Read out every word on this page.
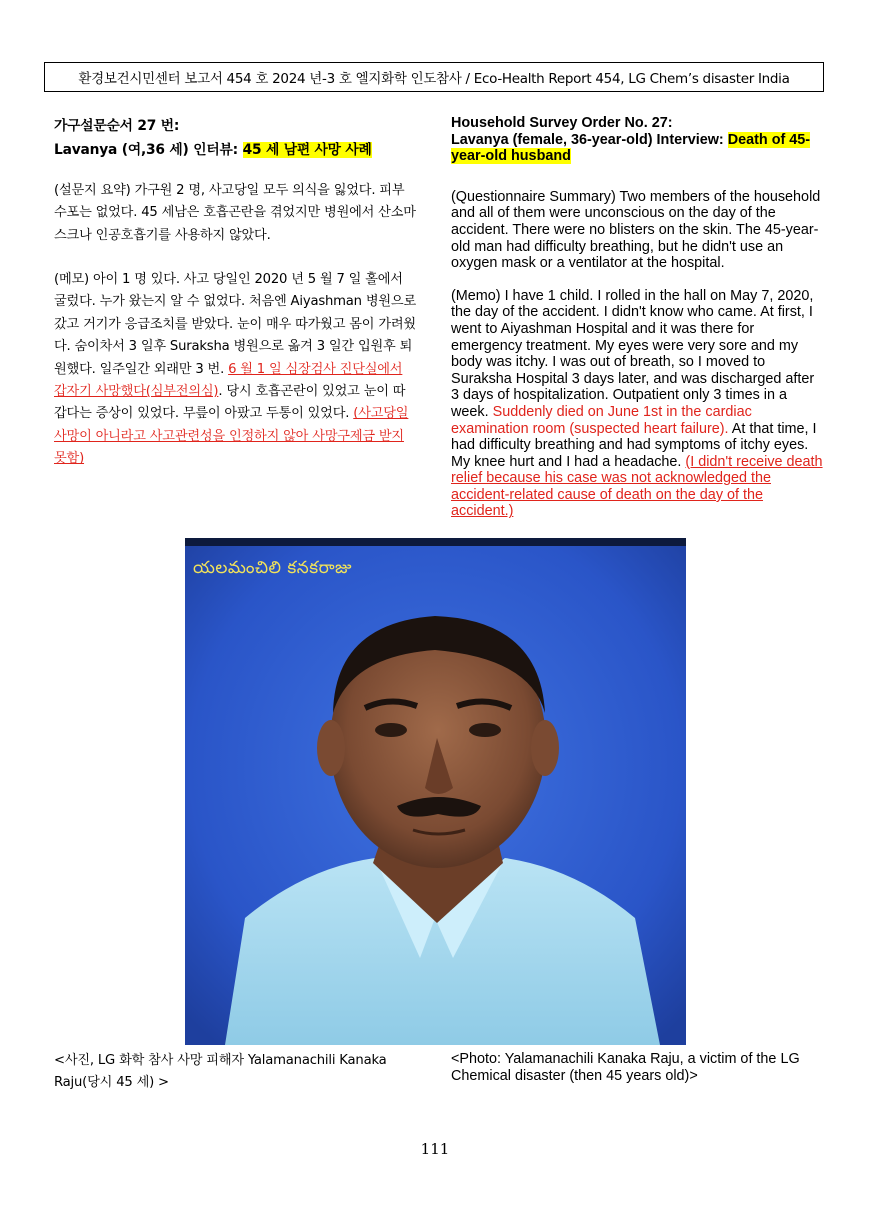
환경보건시민센터 보고서 454 호 2024 년-3 호 엘지화학 인도참사 / Eco-Health Report 454, LG Chem’s disaster India
가구설문순서 27 번:
Lavanya (여,36 세) 인터뷰: 45 세 남편 사망 사례

(설문지 요약) 가구원 2 명, 사고당일 모두 의식을 잃었다. 피부 수포는 없었다. 45 세남은 호흡곤란을 겪었지만 병원에서 산소마스크나 인공호흡기를 사용하지 않았다.

(메모) 아이 1 명 있다. 사고 당일인 2020 년 5 월 7 일 홀에서 굴렀다. 누가 왔는지 알 수 없었다. 처음엔 Aiyashman 병원으로 갔고 거기가 응급조치를 받았다. 눈이 매우 따가웠고 몸이 가려웠다. 숨이차서 3 일후 Suraksha 병원으로 옮겨 3 일간 입원후 퇴원했다. 일주일간 외래만 3 번. 6 월 1 일 심장검사 진단실에서 갑자기 사망했다(심부전의심). 당시 호흡곤란이 있었고 눈이 따갑다는 증상이 있었다. 무릎이 아팠고 두통이 있었다. (사고당일 사망이 아니라고 사고관련성을 인정하지 않아 사망구제금 받지 못함)

Household Survey Order No. 27:
Lavanya (female, 36-year-old) Interview: Death of 45-year-old husband

(Questionnaire Summary) Two members of the household and all of them were unconscious on the day of the accident. There were no blisters on the skin. The 45-year-old man had difficulty breathing, but he didn't use an oxygen mask or a ventilator at the hospital.

(Memo) I have 1 child. I rolled in the hall on May 7, 2020, the day of the accident. I didn't know who came. At first, I went to Aiyashman Hospital and it was there for emergency treatment. My eyes were very sore and my body was itchy. I was out of breath, so I moved to Suraksha Hospital 3 days later, and was discharged after 3 days of hospitalization. Outpatient only 3 times in a week. Suddenly died on June 1st in the cardiac examination room (suspected heart failure). At that time, I had difficulty breathing and had symptoms of itchy eyes. My knee hurt and I had a headache. (I didn't receive death relief because his case was not acknowledged the accident-related cause of death on the day of the accident.)

యలమంచిలి కనకరాజు
<사진, LG 화학 참사 사망 피해자 Yalamanachili Kanaka Raju(당시 45 세) >
<Photo: Yalamanachili Kanaka Raju, a victim of the LG Chemical disaster (then 45 years old)>
111
